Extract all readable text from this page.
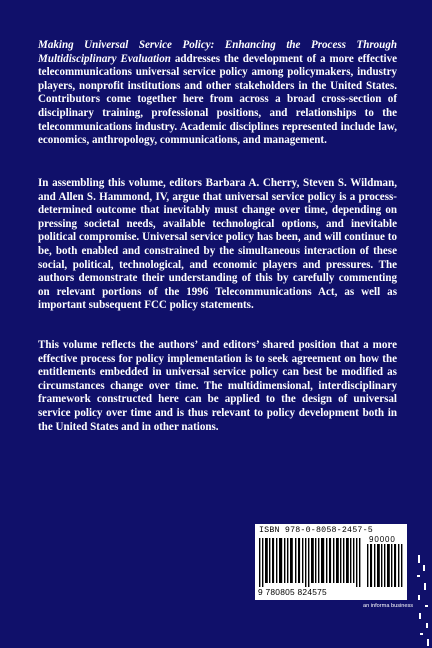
Making Universal Service Policy: Enhancing the Process Through Multidisciplinary Evaluation addresses the development of a more effective telecommunications universal service policy among policymakers, industry players, nonprofit institutions and other stakeholders in the United States. Contributors come together here from across a broad cross-section of disciplinary training, professional positions, and relationships to the telecommunications industry. Academic disciplines represented include law, economics, anthropology, communications, and management.

In assembling this volume, editors Barbara A. Cherry, Steven S. Wildman, and Allen S. Hammond, IV, argue that universal service policy is a process-determined outcome that inevitably must change over time, depending on pressing societal needs, available technological options, and inevitable political compromise. Universal service policy has been, and will continue to be, both enabled and constrained by the simultaneous interaction of these social, political, technological, and economic players and pressures. The authors demonstrate their understanding of this by carefully commenting on relevant portions of the 1996 Telecommunications Act, as well as important subsequent FCC policy statements.

This volume reflects the authors’ and editors’ shared position that a more effective process for policy implementation is to seek agreement on how the entitlements embedded in universal service policy can best be modified as circumstances change over time. The multidimensional, interdisciplinary framework constructed here can be applied to the design of universal service policy over time and is thus relevant to policy development both in the United States and in other nations.

ISBN 978-0-8058-2457-5
90000
9 780805 824575
an informa business
